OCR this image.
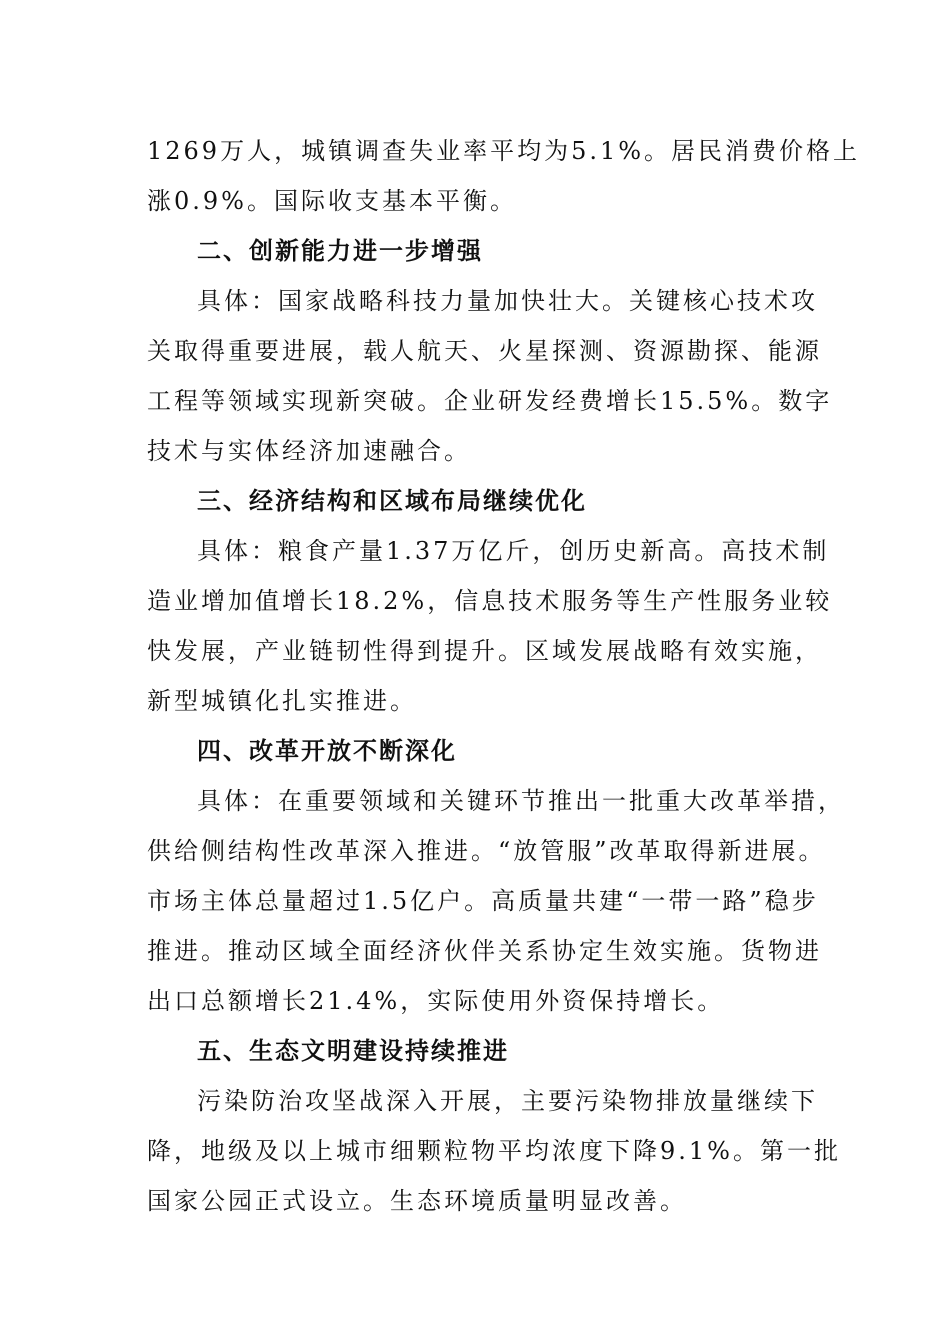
1269万人，城镇调查失业率平均为5.1%。居民消费价格上
涨0.9%。国际收支基本平衡。
二、创新能力进一步增强
具体：国家战略科技力量加快壮大。关键核心技术攻
关取得重要进展，载人航天、火星探测、资源勘探、能源
工程等领域实现新突破。企业研发经费增长15.5%。数字
技术与实体经济加速融合。
三、经济结构和区域布局继续优化
具体：粮食产量1.37万亿斤，创历史新高。高技术制
造业增加值增长18.2%，信息技术服务等生产性服务业较
快发展，产业链韧性得到提升。区域发展战略有效实施，
新型城镇化扎实推进。
四、改革开放不断深化
具体：在重要领域和关键环节推出一批重大改革举措，
供给侧结构性改革深入推进。“放管服”改革取得新进展。
市场主体总量超过1.5亿户。高质量共建“一带一路”稳步
推进。推动区域全面经济伙伴关系协定生效实施。货物进
出口总额增长21.4%，实际使用外资保持增长。
五、生态文明建设持续推进
污染防治攻坚战深入开展，主要污染物排放量继续下
降，地级及以上城市细颗粒物平均浓度下降9.1%。第一批
国家公园正式设立。生态环境质量明显改善。
